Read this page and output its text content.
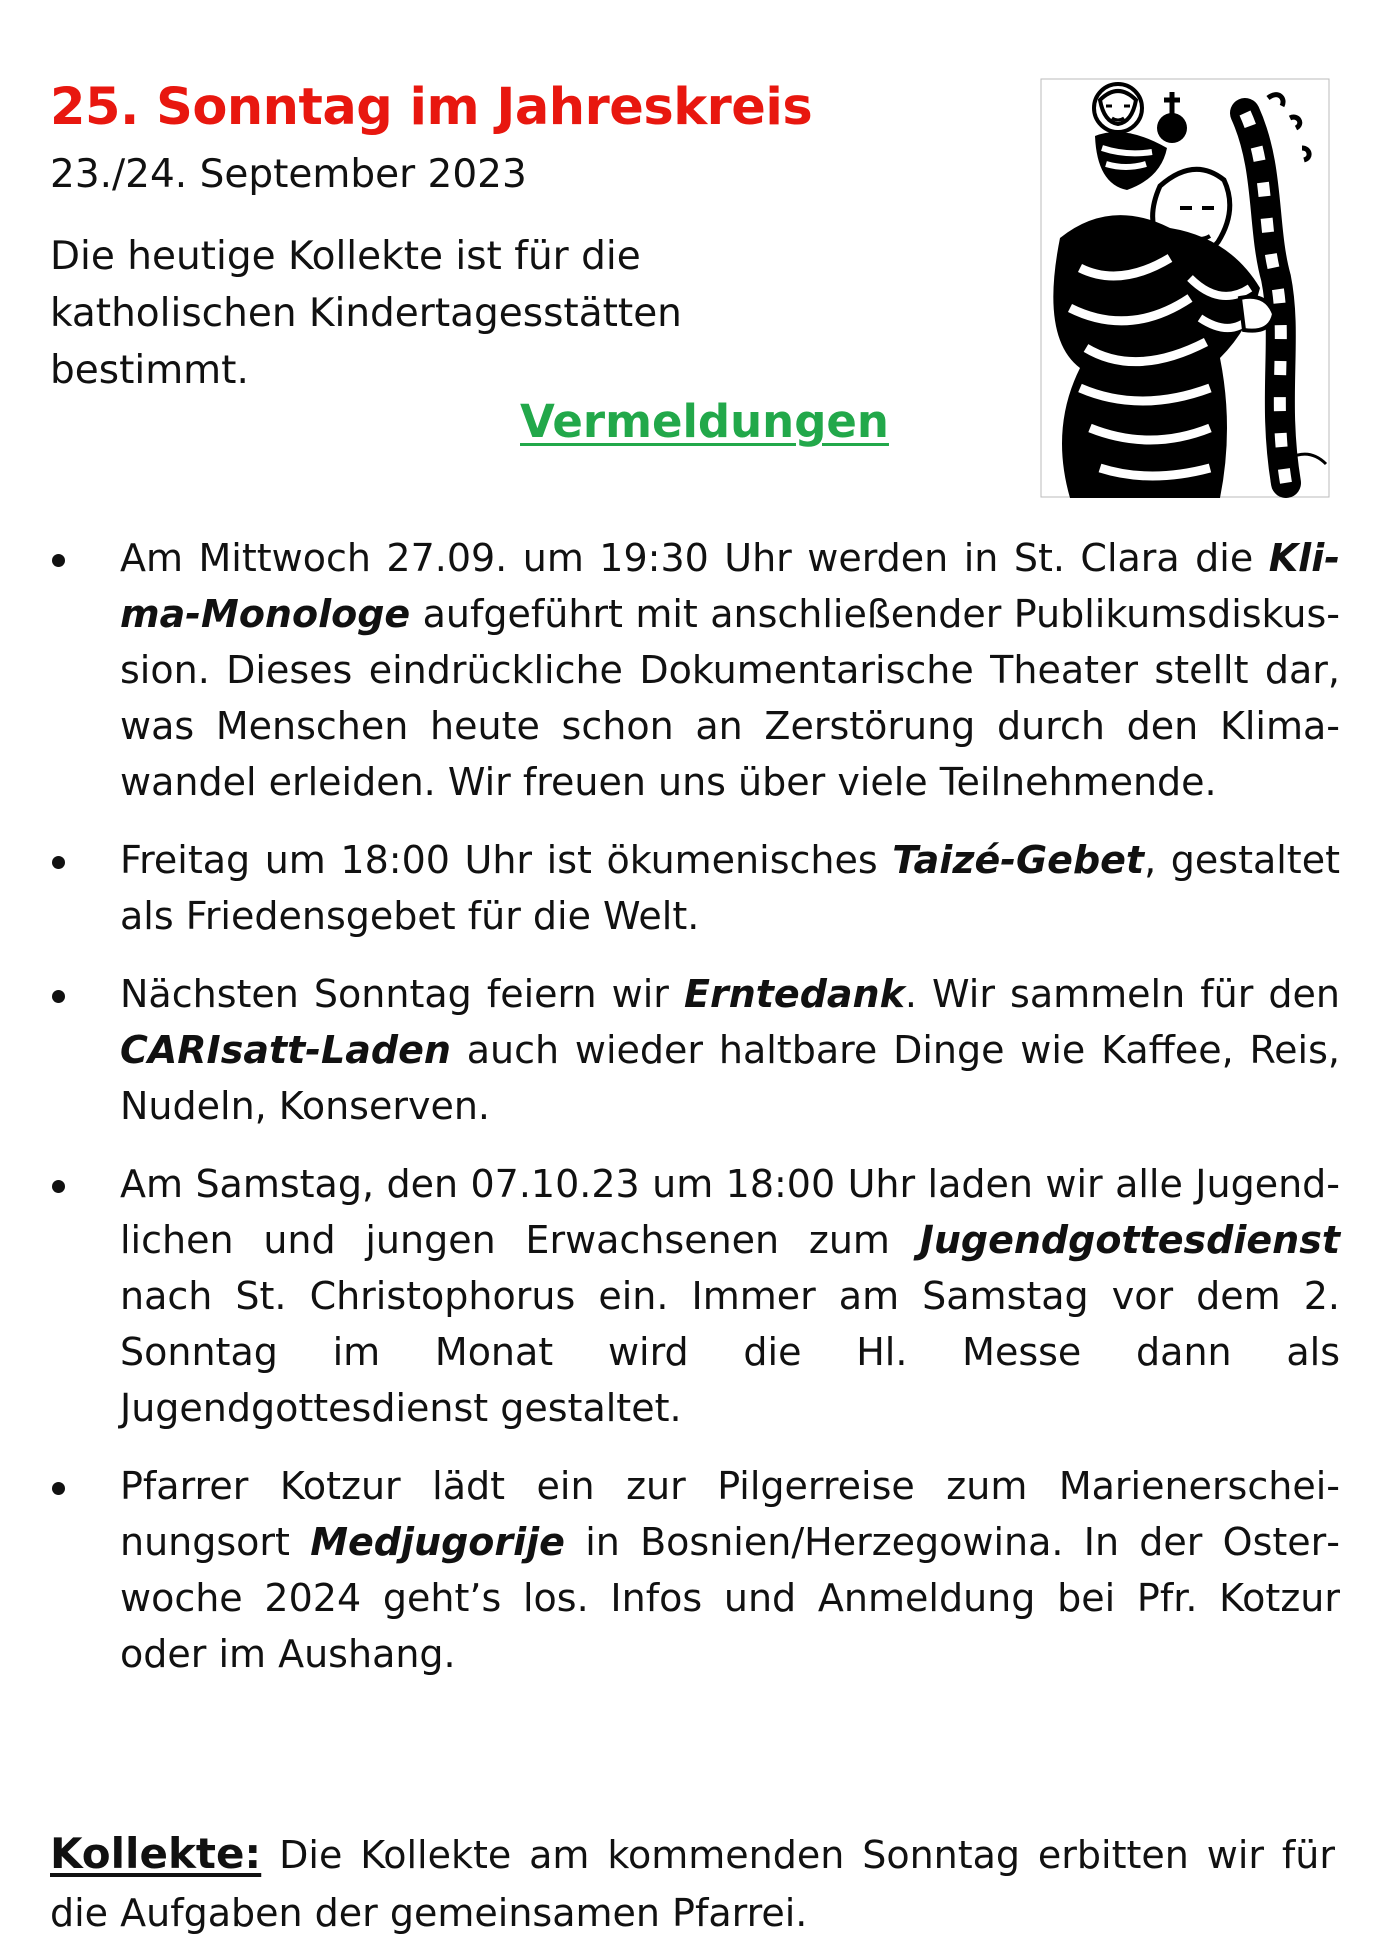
25. Sonntag im Jahreskreis
23./24. September 2023
Die heutige Kollekte ist für die katholischen Kindertagesstätten bestimmt.
Vermeldungen
Am Mittwoch 27.09. um 19:30 Uhr werden in St. Clara die Klima-Monologe aufgeführt mit anschließender Publikumsdiskussion. Dieses eindrückliche Dokumentarische Theater stellt dar, was Menschen heute schon an Zerstörung durch den Klimawandel erleiden. Wir freuen uns über viele Teilnehmende.
Freitag um 18:00 Uhr ist ökumenisches Taizé-Gebet, gestaltet als Friedensgebet für die Welt.
Nächsten Sonntag feiern wir Erntedank. Wir sammeln für den CARIsatt-Laden auch wieder haltbare Dinge wie Kaffee, Reis, Nudeln, Konserven.
Am Samstag, den 07.10.23 um 18:00 Uhr laden wir alle Jugendlichen und jungen Erwachsenen zum Jugendgottesdienst nach St. Christophorus ein. Immer am Samstag vor dem 2. Sonntag im Monat wird die Hl. Messe dann als Jugendgottesdienst gestaltet.
Pfarrer Kotzur lädt ein zur Pilgerreise zum Marienerscheinungsort Medjugorije in Bosnien/Herzegowina. In der Osterwoche 2024 geht’s los. Infos und Anmeldung bei Pfr. Kotzur oder im Aushang.
Kollekte: Die Kollekte am kommenden Sonntag erbitten wir für die Aufgaben der gemeinsamen Pfarrei.
